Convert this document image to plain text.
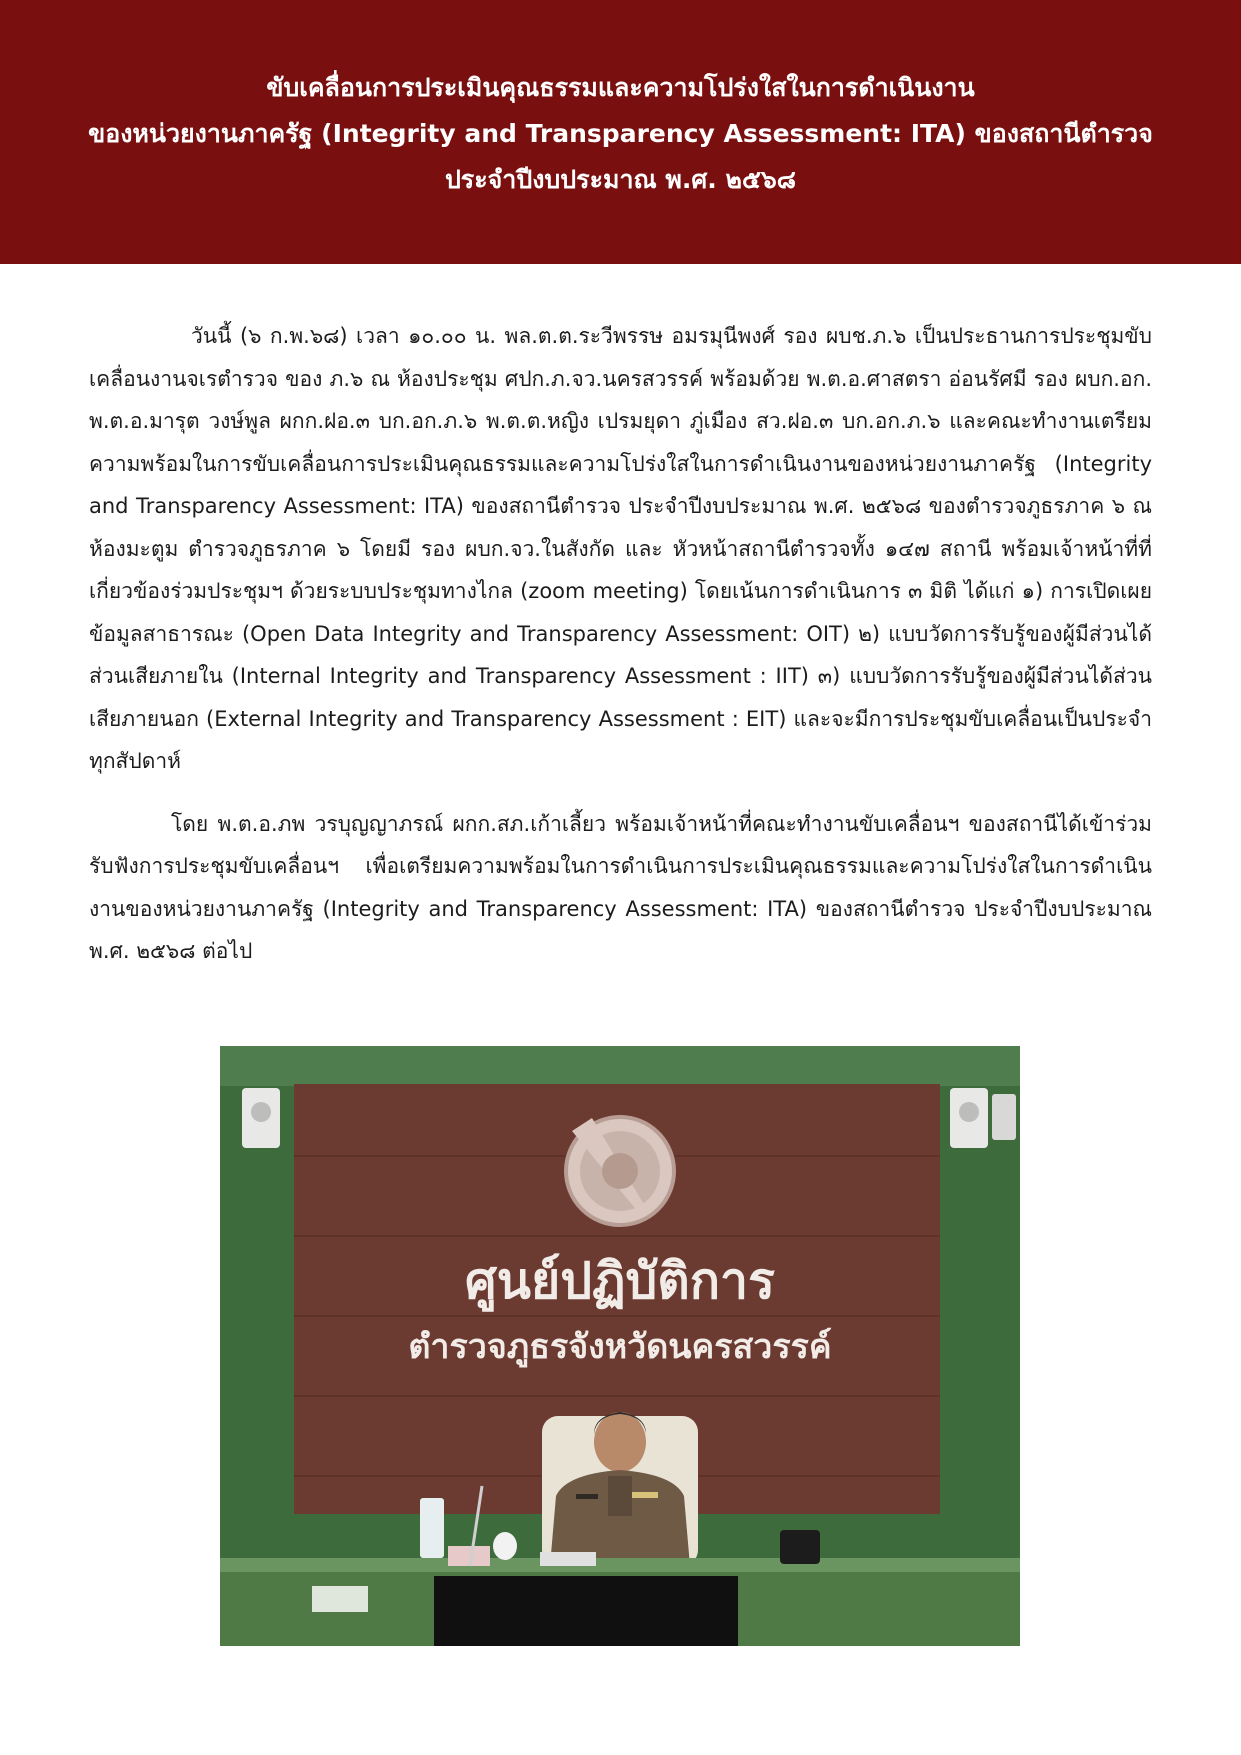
ขับเคลื่อนการประเมินคุณธรรมและความโปร่งใสในการดำเนินงาน
ของหน่วยงานภาครัฐ (Integrity and Transparency Assessment: ITA) ของสถานีตำรวจ
ประจำปีงบประมาณ พ.ศ. ๒๕๖๘

วันนี้ (๖ ก.พ.๖๘) เวลา ๑๐.๐๐ น. พล.ต.ต.ระวีพรรษ อมรมุนีพงศ์ รอง ผบช.ภ.๖ เป็นประธานการประชุมขับเคลื่อนงานจเรตำรวจ ของ ภ.๖ ณ ห้องประชุม ศปก.ภ.จว.นครสวรรค์ พร้อมด้วย พ.ต.อ.ศาสตรา อ่อนรัศมี รอง ผบก.อก. พ.ต.อ.มารุต วงษ์พูล ผกก.ฝอ.๓ บก.อก.ภ.๖ พ.ต.ต.หญิง เปรมยุดา ภู่เมือง สว.ฝอ.๓ บก.อก.ภ.๖ และคณะทำงานเตรียมความพร้อมในการขับเคลื่อนการประเมินคุณธรรมและความโปร่งใสในการดำเนินงานของหน่วยงานภาครัฐ (Integrity and Transparency Assessment: ITA) ของสถานีตำรวจ ประจำปีงบประมาณ พ.ศ. ๒๕๖๘ ของตำรวจภูธรภาค ๖ ณ ห้องมะตูม ตำรวจภูธรภาค ๖ โดยมี รอง ผบก.จว.ในสังกัด และ หัวหน้าสถานีตำรวจทั้ง ๑๔๗ สถานี พร้อมเจ้าหน้าที่ที่เกี่ยวข้องร่วมประชุมฯ ด้วยระบบประชุมทางไกล (zoom meeting) โดยเน้นการดำเนินการ ๓ มิติ ได้แก่ ๑) การเปิดเผยข้อมูลสาธารณะ (Open Data Integrity and Transparency Assessment: OIT) ๒) แบบวัดการรับรู้ของผู้มีส่วนได้ส่วนเสียภายใน (Internal Integrity and Transparency Assessment : IIT) ๓) แบบวัดการรับรู้ของผู้มีส่วนได้ส่วนเสียภายนอก (External Integrity and Transparency Assessment : EIT) และจะมีการประชุมขับเคลื่อนเป็นประจำทุกสัปดาห์

โดย พ.ต.อ.ภพ วรบุญญาภรณ์ ผกก.สภ.เก้าเลี้ยว พร้อมเจ้าหน้าที่คณะทำงานขับเคลื่อนฯ ของสถานีได้เข้าร่วมรับฟังการประชุมขับเคลื่อนฯ เพื่อเตรียมความพร้อมในการดำเนินการประเมินคุณธรรมและความโปร่งใสในการดำเนินงานของหน่วยงานภาครัฐ (Integrity and Transparency Assessment: ITA) ของสถานีตำรวจ ประจำปีงบประมาณ พ.ศ. ๒๕๖๘ ต่อไป

ศูนย์ปฏิบัติการ
ตำรวจภูธรจังหวัดนครสวรรค์
